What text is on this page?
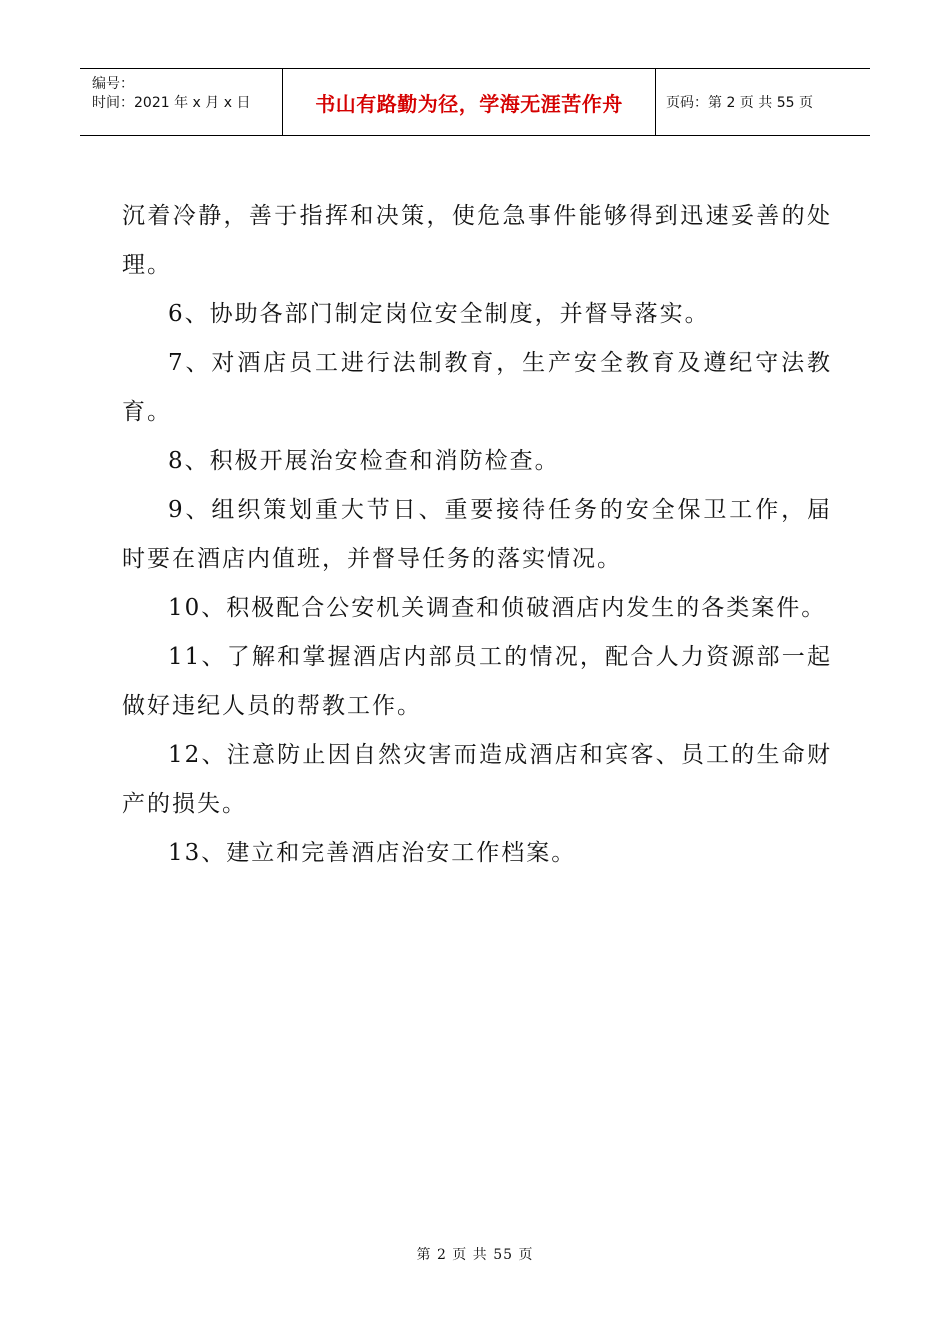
编号：
时间：2021 年 x 月 x 日	书山有路勤为径，学海无涯苦作舟	页码：第 2 页 共 55 页

沉着冷静，善于指挥和决策，使危急事件能够得到迅速妥善的处理。

6、协助各部门制定岗位安全制度，并督导落实。

7、对酒店员工进行法制教育，生产安全教育及遵纪守法教育。

8、积极开展治安检查和消防检查。

9、组织策划重大节日、重要接待任务的安全保卫工作，届时要在酒店内值班，并督导任务的落实情况。

10、积极配合公安机关调查和侦破酒店内发生的各类案件。

11、了解和掌握酒店内部员工的情况，配合人力资源部一起做好违纪人员的帮教工作。

12、注意防止因自然灾害而造成酒店和宾客、员工的生命财产的损失。

13、建立和完善酒店治安工作档案。

第 2 页 共 55 页
